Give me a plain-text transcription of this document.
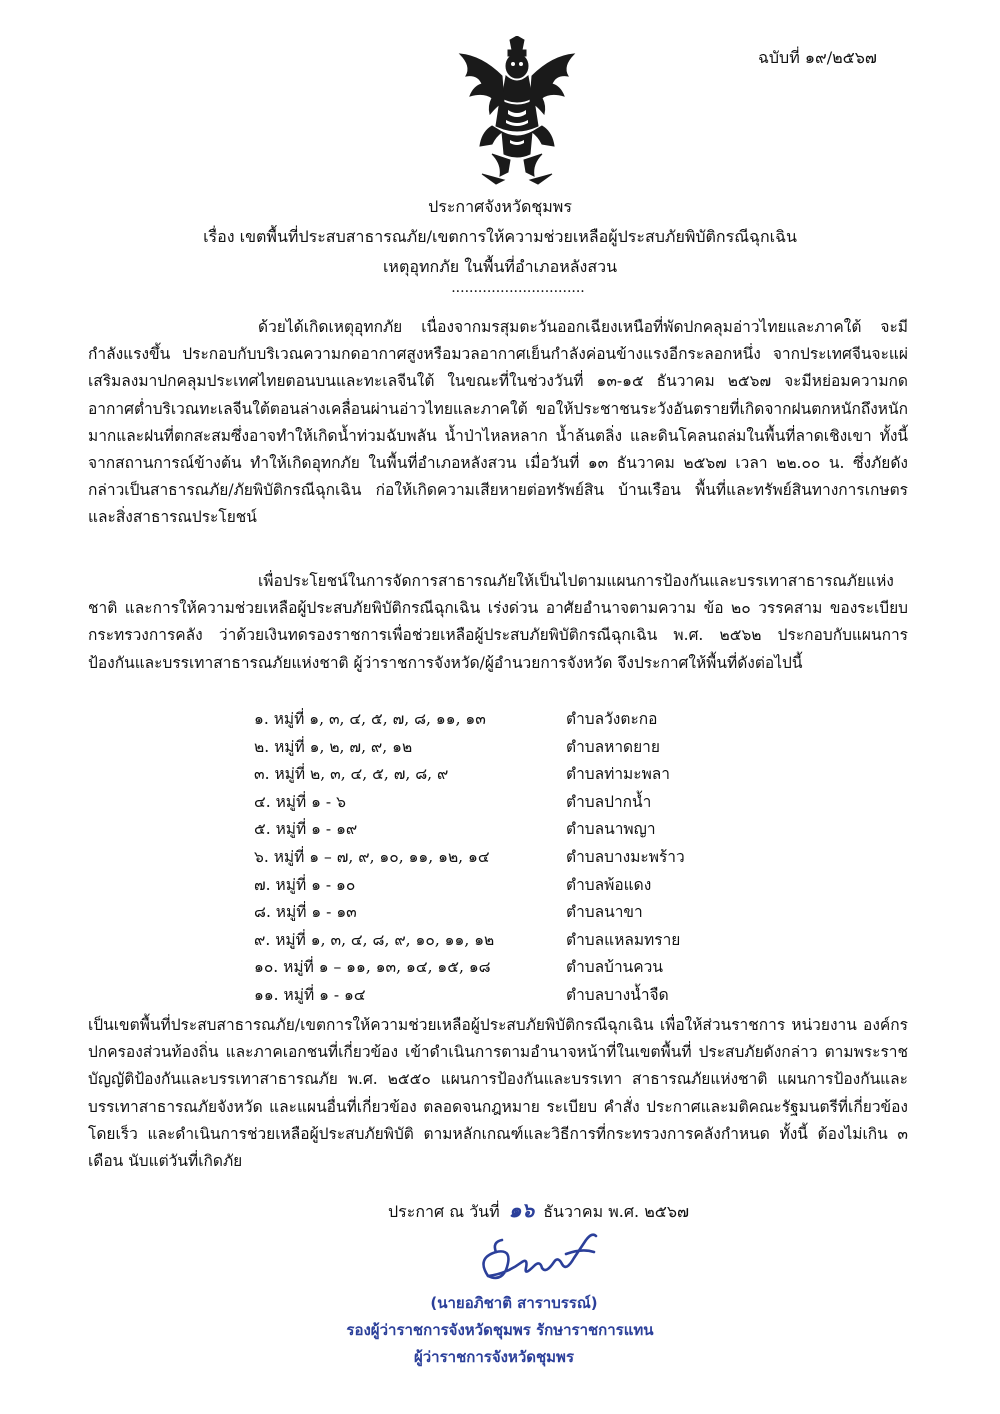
ฉบับที่ ๑๙/๒๕๖๗
ประกาศจังหวัดชุมพร
เรื่อง เขตพื้นที่ประสบสาธารณภัย/เขตการให้ความช่วยเหลือผู้ประสบภัยพิบัติกรณีฉุกเฉิน
เหตุอุทกภัย ในพื้นที่อำเภอหลังสวน
..............................

ด้วยได้เกิดเหตุอุทกภัย เนื่องจากมรสุมตะวันออกเฉียงเหนือที่พัดปกคลุมอ่าวไทยและภาคใต้ จะมีกำลังแรงขึ้น ประกอบกับบริเวณความกดอากาศสูงหรือมวลอากาศเย็นกำลังค่อนข้างแรงอีกระลอกหนึ่ง จากประเทศจีนจะแผ่เสริมลงมาปกคลุมประเทศไทยตอนบนและทะเลจีนใต้ ในขณะที่ในช่วงวันที่ ๑๓-๑๕ ธันวาคม ๒๕๖๗ จะมีหย่อมความกดอากาศต่ำบริเวณทะเลจีนใต้ตอนล่างเคลื่อนผ่านอ่าวไทยและภาคใต้ ขอให้ประชาชนระวังอันตรายที่เกิดจากฝนตกหนักถึงหนักมากและฝนที่ตกสะสมซึ่งอาจทำให้เกิดน้ำท่วมฉับพลัน น้ำป่าไหลหลาก น้ำล้นตลิ่ง และดินโคลนถล่มในพื้นที่ลาดเชิงเขา ทั้งนี้ จากสถานการณ์ข้างต้น ทำให้เกิดอุทกภัย ในพื้นที่อำเภอหลังสวน เมื่อวันที่ ๑๓ ธันวาคม ๒๕๖๗ เวลา ๒๒.๐๐ น. ซึ่งภัยดังกล่าวเป็นสาธารณภัย/ภัยพิบัติกรณีฉุกเฉิน ก่อให้เกิดความเสียหายต่อทรัพย์สิน บ้านเรือน พื้นที่และทรัพย์สินทางการเกษตร และสิ่งสาธารณประโยชน์

เพื่อประโยชน์ในการจัดการสาธารณภัยให้เป็นไปตามแผนการป้องกันและบรรเทาสาธารณภัยแห่งชาติ และการให้ความช่วยเหลือผู้ประสบภัยพิบัติกรณีฉุกเฉิน เร่งด่วน อาศัยอำนาจตามความ ข้อ ๒๐ วรรคสาม ของระเบียบกระทรวงการคลัง ว่าด้วยเงินทดรองราชการเพื่อช่วยเหลือผู้ประสบภัยพิบัติกรณีฉุกเฉิน พ.ศ. ๒๕๖๒ ประกอบกับแผนการป้องกันและบรรเทาสาธารณภัยแห่งชาติ ผู้ว่าราชการจังหวัด/ผู้อำนวยการจังหวัด จึงประกาศให้พื้นที่ดังต่อไปนี้

๑. หมู่ที่ ๑, ๓, ๔, ๕, ๗, ๘, ๑๑, ๑๓	ตำบลวังตะกอ
๒. หมู่ที่ ๑, ๒, ๗, ๙, ๑๒	ตำบลหาดยาย
๓. หมู่ที่ ๒, ๓, ๔, ๕, ๗, ๘, ๙	ตำบลท่ามะพลา
๔. หมู่ที่ ๑ - ๖	ตำบลปากน้ำ
๕. หมู่ที่ ๑ - ๑๙	ตำบลนาพญา
๖. หมู่ที่ ๑ – ๗, ๙, ๑๐, ๑๑, ๑๒, ๑๔	ตำบลบางมะพร้าว
๗. หมู่ที่ ๑ - ๑๐	ตำบลพ้อแดง
๘. หมู่ที่ ๑ - ๑๓	ตำบลนาขา
๙. หมู่ที่ ๑, ๓, ๔, ๘, ๙, ๑๐, ๑๑, ๑๒	ตำบลแหลมทราย
๑๐. หมู่ที่ ๑ – ๑๑, ๑๓, ๑๔, ๑๕, ๑๘	ตำบลบ้านควน
๑๑. หมู่ที่ ๑ - ๑๔	ตำบลบางน้ำจืด

เป็นเขตพื้นที่ประสบสาธารณภัย/เขตการให้ความช่วยเหลือผู้ประสบภัยพิบัติกรณีฉุกเฉิน เพื่อให้ส่วนราชการ หน่วยงาน องค์กรปกครองส่วนท้องถิ่น และภาคเอกชนที่เกี่ยวข้อง เข้าดำเนินการตามอำนาจหน้าที่ในเขตพื้นที่ ประสบภัยดังกล่าว ตามพระราชบัญญัติป้องกันและบรรเทาสาธารณภัย พ.ศ. ๒๕๕๐ แผนการป้องกันและบรรเทา สาธารณภัยแห่งชาติ แผนการป้องกันและบรรเทาสาธารณภัยจังหวัด และแผนอื่นที่เกี่ยวข้อง ตลอดจนกฎหมาย ระเบียบ คำสั่ง ประกาศและมติคณะรัฐมนตรีที่เกี่ยวข้องโดยเร็ว และดำเนินการช่วยเหลือผู้ประสบภัยพิบัติ ตามหลักเกณฑ์และวิธีการที่กระทรวงการคลังกำหนด ทั้งนี้ ต้องไม่เกิน ๓ เดือน นับแต่วันที่เกิดภัย

ประกาศ ณ วันที่ ๑๖ ธันวาคม พ.ศ. ๒๕๖๗
(นายอภิชาติ สาราบรรณ์)
รองผู้ว่าราชการจังหวัดชุมพร รักษาราชการแทน
ผู้ว่าราชการจังหวัดชุมพร
